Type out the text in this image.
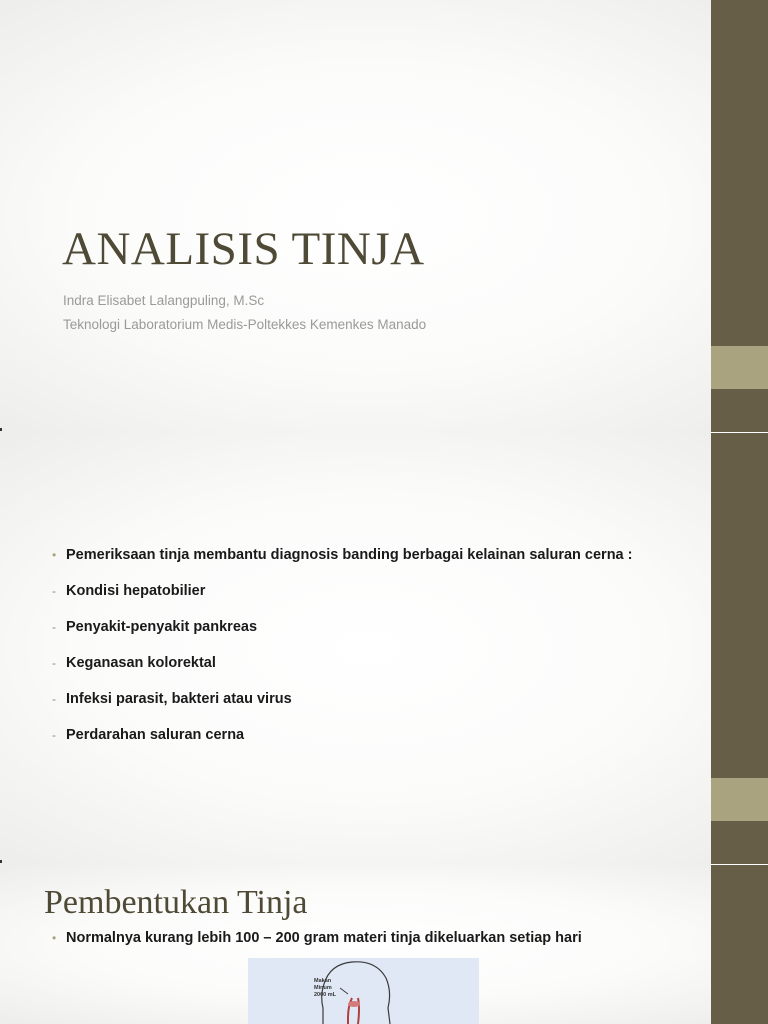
ANALISIS TINJA
Indra Elisabet Lalangpuling, M.Sc
Teknologi Laboratorium Medis-Poltekkes Kemenkes Manado
• Pemeriksaan tinja membantu diagnosis banding berbagai kelainan saluran cerna :
- Kondisi hepatobilier
- Penyakit-penyakit pankreas
- Keganasan kolorektal
- Infeksi parasit, bakteri atau virus
- Perdarahan saluran cerna
Pembentukan Tinja
• Normalnya kurang lebih 100 – 200 gram materi tinja dikeluarkan setiap hari
Makan
Minum
2000 mL
